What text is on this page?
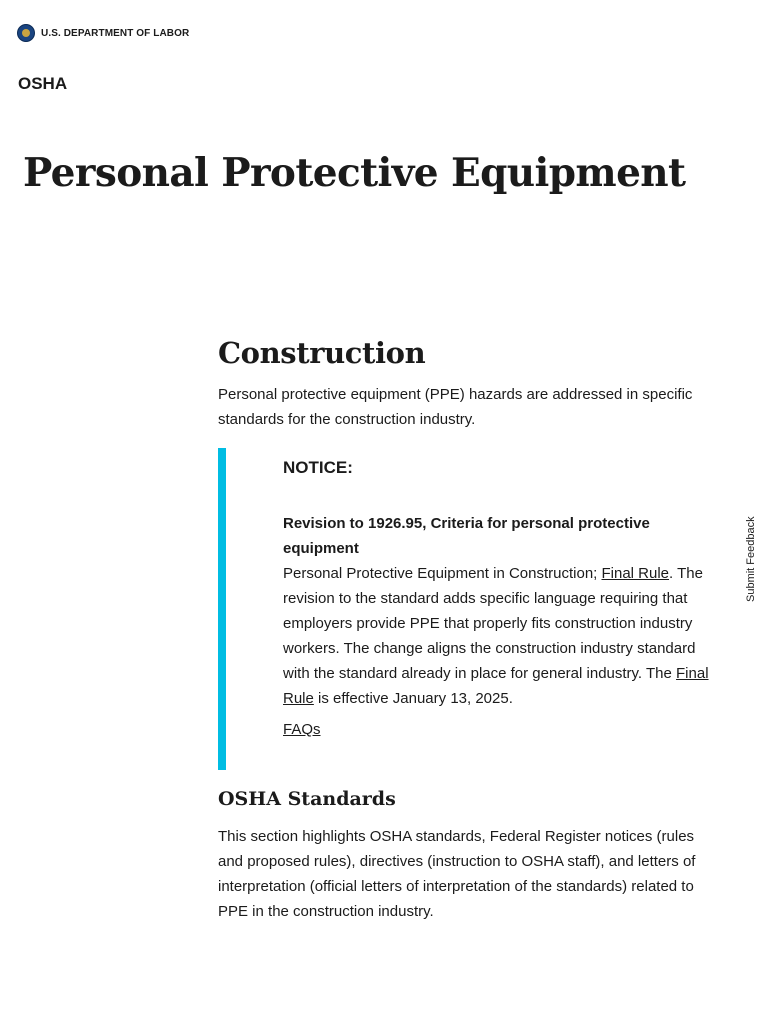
U.S. DEPARTMENT OF LABOR
OSHA
Personal Protective Equipment
Construction

Personal protective equipment (PPE) hazards are addressed in specific standards for the construction industry.

NOTICE:

Revision to 1926.95, Criteria for personal protective equipment

Personal Protective Equipment in Construction; Final Rule. The revision to the standard adds specific language requiring that employers provide PPE that properly fits construction industry workers. The change aligns the construction industry standard with the standard already in place for general industry. The Final Rule is effective January 13, 2025.

FAQs
OSHA Standards

This section highlights OSHA standards, Federal Register notices (rules and proposed rules), directives (instruction to OSHA staff), and letters of interpretation (official letters of interpretation of the standards) related to PPE in the construction industry.

Submit Feedback
